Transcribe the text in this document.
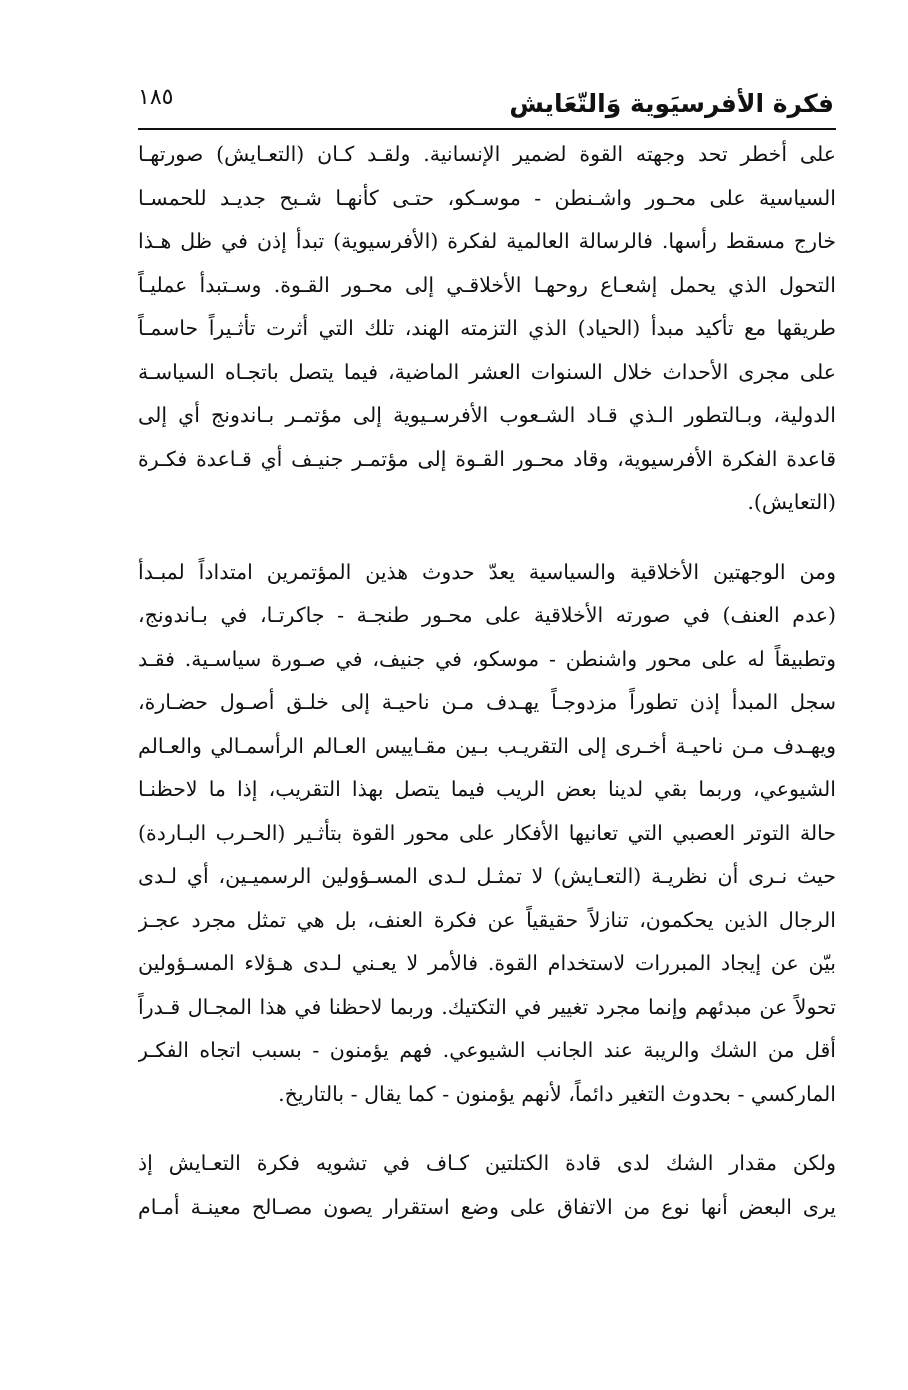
فكرة الأفرسيَوية وَالتّعَايش
١٨٥
على أخطر تحد وجهته القوة لضمير الإنسانية. ولقـد كـان (التعـايش) صورتهـا
السياسية على محـور واشـنطن - موسـكو، حتـى كأنهـا شـبح جديـد للحمسـا
خارج مسقط رأسها. فالرسالة العالمية لفكرة (الأفرسيوية) تبدأ إذن في ظل هـذا
التحول الذي يحمل إشعـاع روحهـا الأخلاقـي إلى محـور القـوة. وسـتبدأ عمليـاً
طريقها مع تأكيد مبدأ (الحياد) الذي التزمته الهند، تلك التي أثرت تأثـيراً حاسمـاً
على مجرى الأحداث خلال السنوات العشر الماضية، فيما يتصل باتجـاه السياسـة
الدولية، وبـالتطور الـذي قـاد الشـعوب الأفرسـيوية إلى مؤتمـر بـاندونج أي إلى
قاعدة الفكرة الأفرسيوية، وقاد محـور القـوة إلى مؤتمـر جنيـف أي قـاعدة فكـرة
(التعايش).
ومن الوجهتين الأخلاقية والسياسية يعدّ حدوث هذين المؤتمرين امتداداً لمبـدأ
(عدم العنف) في صورته الأخلاقية على محـور طنجـة - جاكرتـا، في بـاندونج،
وتطبيقاً له على محور واشنطن - موسكو، في جنيف، في صـورة سياسـية. فقـد
سجل المبدأ إذن تطوراً مزدوجـاً يهـدف مـن ناحيـة إلى خلـق أصـول حضـارة،
ويهـدف مـن ناحيـة أخـرى إلى التقريـب بـين مقـاييس العـالم الرأسمـالي والعـالم
الشيوعي، وربما بقي لدينا بعض الريب فيما يتصل بهذا التقريب، إذا ما لاحظنـا
حالة التوتر العصبي التي تعانيها الأفكار على محور القوة بتأثـير (الحـرب البـاردة)
حيث نـرى أن نظريـة (التعـايش) لا تمثـل لـدى المسـؤولين الرسميـين، أي لـدى
الرجال الذين يحكمون، تنازلاً حقيقياً عن فكرة العنف، بل هي تمثل مجرد عجـز
بيّن عن إيجاد المبررات لاستخدام القوة. فالأمر لا يعـني لـدى هـؤلاء المسـؤولين
تحولاً عن مبدئهم وإنما مجرد تغيير في التكتيك. وربما لاحظنا في هذا المجـال قـدراً
أقل من الشك والريبة عند الجانب الشيوعي. فهم يؤمنون - بسبب اتجاه الفكـر
الماركسي - بحدوث التغير دائماً، لأنهم يؤمنون - كما يقال - بالتاريخ.
ولكن مقدار الشك لدى قادة الكتلتين كـاف في تشويه فكرة التعـايش إذ
يرى البعض أنها نوع من الاتفاق على وضع استقرار يصون مصـالح معينـة أمـام
